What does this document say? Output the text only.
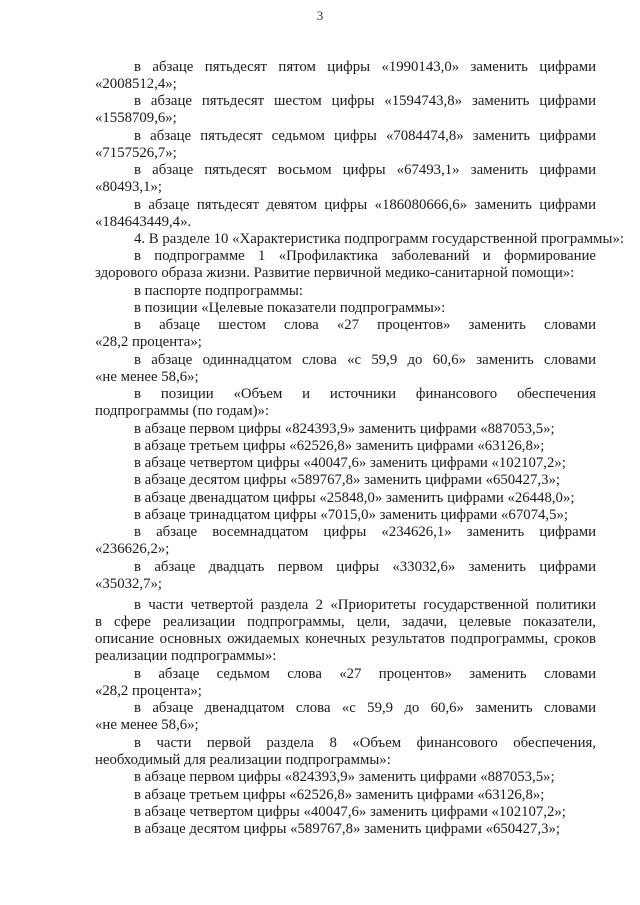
3
в абзаце пятьдесят пятом цифры «1990143,0» заменить цифрами
«2008512,4»;
в абзаце пятьдесят шестом цифры «1594743,8» заменить цифрами
«1558709,6»;
в абзаце пятьдесят седьмом цифры «7084474,8» заменить цифрами
«7157526,7»;
в абзаце пятьдесят восьмом цифры «67493,1» заменить цифрами
«80493,1»;
в абзаце пятьдесят девятом цифры «186080666,6» заменить цифрами
«184643449,4».
4. В разделе 10 «Характеристика подпрограмм государственной программы»:
в подпрограмме 1 «Профилактика заболеваний и формирование
здорового образа жизни. Развитие первичной медико-санитарной помощи»:
в паспорте подпрограммы:
в позиции «Целевые показатели подпрограммы»:
в абзаце шестом слова «27 процентов» заменить словами
«28,2 процента»;
в абзаце одиннадцатом слова «с 59,9 до 60,6» заменить словами
«не менее 58,6»;
в позиции «Объем и источники финансового обеспечения
подпрограммы (по годам)»:
в абзаце первом цифры «824393,9» заменить цифрами «887053,5»;
в абзаце третьем цифры «62526,8» заменить цифрами «63126,8»;
в абзаце четвертом цифры «40047,6» заменить цифрами «102107,2»;
в абзаце десятом цифры «589767,8» заменить цифрами «650427,3»;
в абзаце двенадцатом цифры «25848,0» заменить цифрами «26448,0»;
в абзаце тринадцатом цифры «7015,0» заменить цифрами «67074,5»;
в абзаце восемнадцатом цифры «234626,1» заменить цифрами
«236626,2»;
в абзаце двадцать первом цифры «33032,6» заменить цифрами
«35032,7»;
в части четвертой раздела 2 «Приоритеты государственной политики
в сфере реализации подпрограммы, цели, задачи, целевые показатели,
описание основных ожидаемых конечных результатов подпрограммы, сроков
реализации подпрограммы»:
в абзаце седьмом слова «27 процентов» заменить словами
«28,2 процента»;
в абзаце двенадцатом слова «с 59,9 до 60,6» заменить словами
«не менее 58,6»;
в части первой раздела 8 «Объем финансового обеспечения,
необходимый для реализации подпрограммы»:
в абзаце первом цифры «824393,9» заменить цифрами «887053,5»;
в абзаце третьем цифры «62526,8» заменить цифрами «63126,8»;
в абзаце четвертом цифры «40047,6» заменить цифрами «102107,2»;
в абзаце десятом цифры «589767,8» заменить цифрами «650427,3»;
